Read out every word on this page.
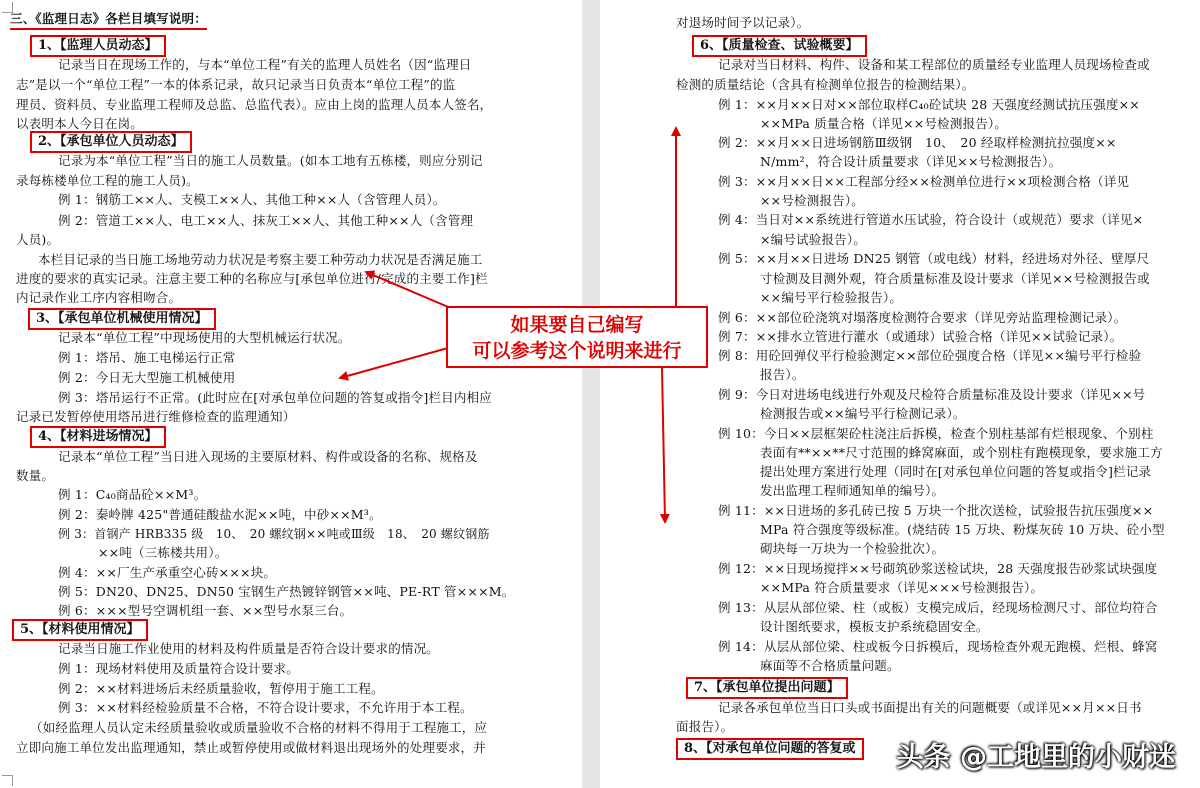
三、《监理日志》各栏目填写说明：
1、【监理人员动态】
记录当日在现场工作的，与本“单位工程”有关的监理人员姓名（因“监理日
志”是以一个“单位工程”一本的体系记录，故只记录当日负责本“单位工程”的监
理员、资料员、专业监理工程师及总监、总监代表）。应由上岗的监理人员本人签名，
以表明本人今日在岗。
2、【承包单位人员动态】
记录为本“单位工程”当日的施工人员数量。(如本工地有五栋楼，则应分别记
录每栋楼单位工程的施工人员)。
例 1：钢筋工××人、支模工××人、其他工种××人（含管理人员）。
例 2：管道工××人、电工××人、抹灰工××人、其他工种××人（含管理
人员)。
本栏目记录的当日施工场地劳动力状况是考察主要工种劳动力状况是否满足施工
进度的要求的真实记录。注意主要工种的名称应与[承包单位进行/完成的主要工作]栏
内记录作业工序内容相吻合。
3、【承包单位机械使用情况】
记录本“单位工程”中现场使用的大型机械运行状况。
例 1：塔吊、施工电梯运行正常
例 2：今日无大型施工机械使用
例 3：塔吊运行不正常。(此时应在[对承包单位问题的答复或指令]栏目内相应
记录已发暂停使用塔吊进行维修检查的监理通知）
4、【材料进场情况】
记录本“单位工程”当日进入现场的主要原材料、构件或设备的名称、规格及
数量。
例 1：C₄₀商品砼××M³。
例 2：秦岭牌 425"普通硅酸盐水泥××吨，中砂××M³。
例 3：首钢产 HRB335 级　10、　20 螺纹钢××吨或Ⅲ级　18、　20 螺纹钢筋
××吨（三栋楼共用）。
例 4：××厂生产承重空心砖×××块。
例 5：DN20、DN25、DN50 宝钢生产热镀锌钢管××吨、PE-RT 管×××M。
例 6：×××型号空调机组一套、××型号水泵三台。
5、【材料使用情况】
记录当日施工作业使用的材料及构件质量是否符合设计要求的情况。
例 1：现场材料使用及质量符合设计要求。
例 2：××材料进场后未经质量验收，暂停用于施工工程。
例 3：××材料经检验质量不合格，不符合设计要求，不允许用于本工程。
（如经监理人员认定未经质量验收或质量验收不合格的材料不得用于工程施工，应
立即向施工单位发出监理通知，禁止或暂停使用或做材料退出现场外的处理要求，并
对退场时间予以记录）。
6、【质量检查、试验概要】
记录对当日材料、构件、设备和某工程部位的质量经专业监理人员现场检查或
检测的质量结论（含具有检测单位报告的检测结果）。
例 1：××月××日对××部位取样C₄₀砼试块 28 天强度经测试抗压强度××
××MPa 质量合格（详见××号检测报告）。
例 2：××月××日进场钢筋Ⅲ级钢　10、　20 经取样检测抗拉强度××
N/mm²，符合设计质量要求（详见××号检测报告）。
例 3：××月××日××工程部分经××检测单位进行××项检测合格（详见
××号检测报告）。
例 4：当日对××系统进行管道水压试验，符合设计（或规范）要求（详见×
×编号试验报告）。
例 5：××月××日进场 DN25 钢管（或电线）材料，经进场对外径、壁厚尺
寸检测及目测外观，符合质量标准及设计要求（详见××号检测报告或
××编号平行检验报告）。
例 6：××部位砼浇筑对塌落度检测符合要求（详见旁站监理检测记录）。
例 7：××排水立管进行灌水（或通球）试验合格（详见××试验记录）。
例 8：用砼回弹仪平行检验测定××部位砼强度合格（详见××编号平行检验
报告）。
例 9：今日对进场电线进行外观及尺检符合质量标准及设计要求（详见××号
检测报告或××编号平行检测记录）。
例 10：今日××层框架砼柱浇注后拆模，检查个别柱基部有烂根现象、个别柱
表面有**××**尺寸范围的蜂窝麻面，或个别柱有跑模现象，要求施工方
提出处理方案进行处理（同时在[对承包单位问题的答复或指令]栏记录
发出监理工程师通知单的编号）。
例 11：××日进场的多孔砖已按 5 万块一个批次送检，试验报告抗压强度××
MPa 符合强度等级标准。(烧结砖 15 万块、粉煤灰砖 10 万块、砼小型
砌块每一万块为一个检验批次）。
例 12：××日现场搅拌××号砌筑砂浆送检试块，28 天强度报告砂浆试块强度
××MPa 符合质量要求（详见×××号检测报告）。
例 13：从层从部位梁、柱（或板）支模完成后，经现场检测尺寸、部位均符合
设计图纸要求，模板支护系统稳固安全。
例 14：从层从部位梁、柱或板今日拆模后，现场检查外观无跑模、烂根、蜂窝
麻面等不合格质量问题。
7、【承包单位提出问题】
记录各承包单位当日口头或书面提出有关的问题概要（或详见××月××日书
面报告）。
8、【对承包单位问题的答复或
如果要自己编写
可以参考这个说明来进行
头条 @工地里的小财迷
